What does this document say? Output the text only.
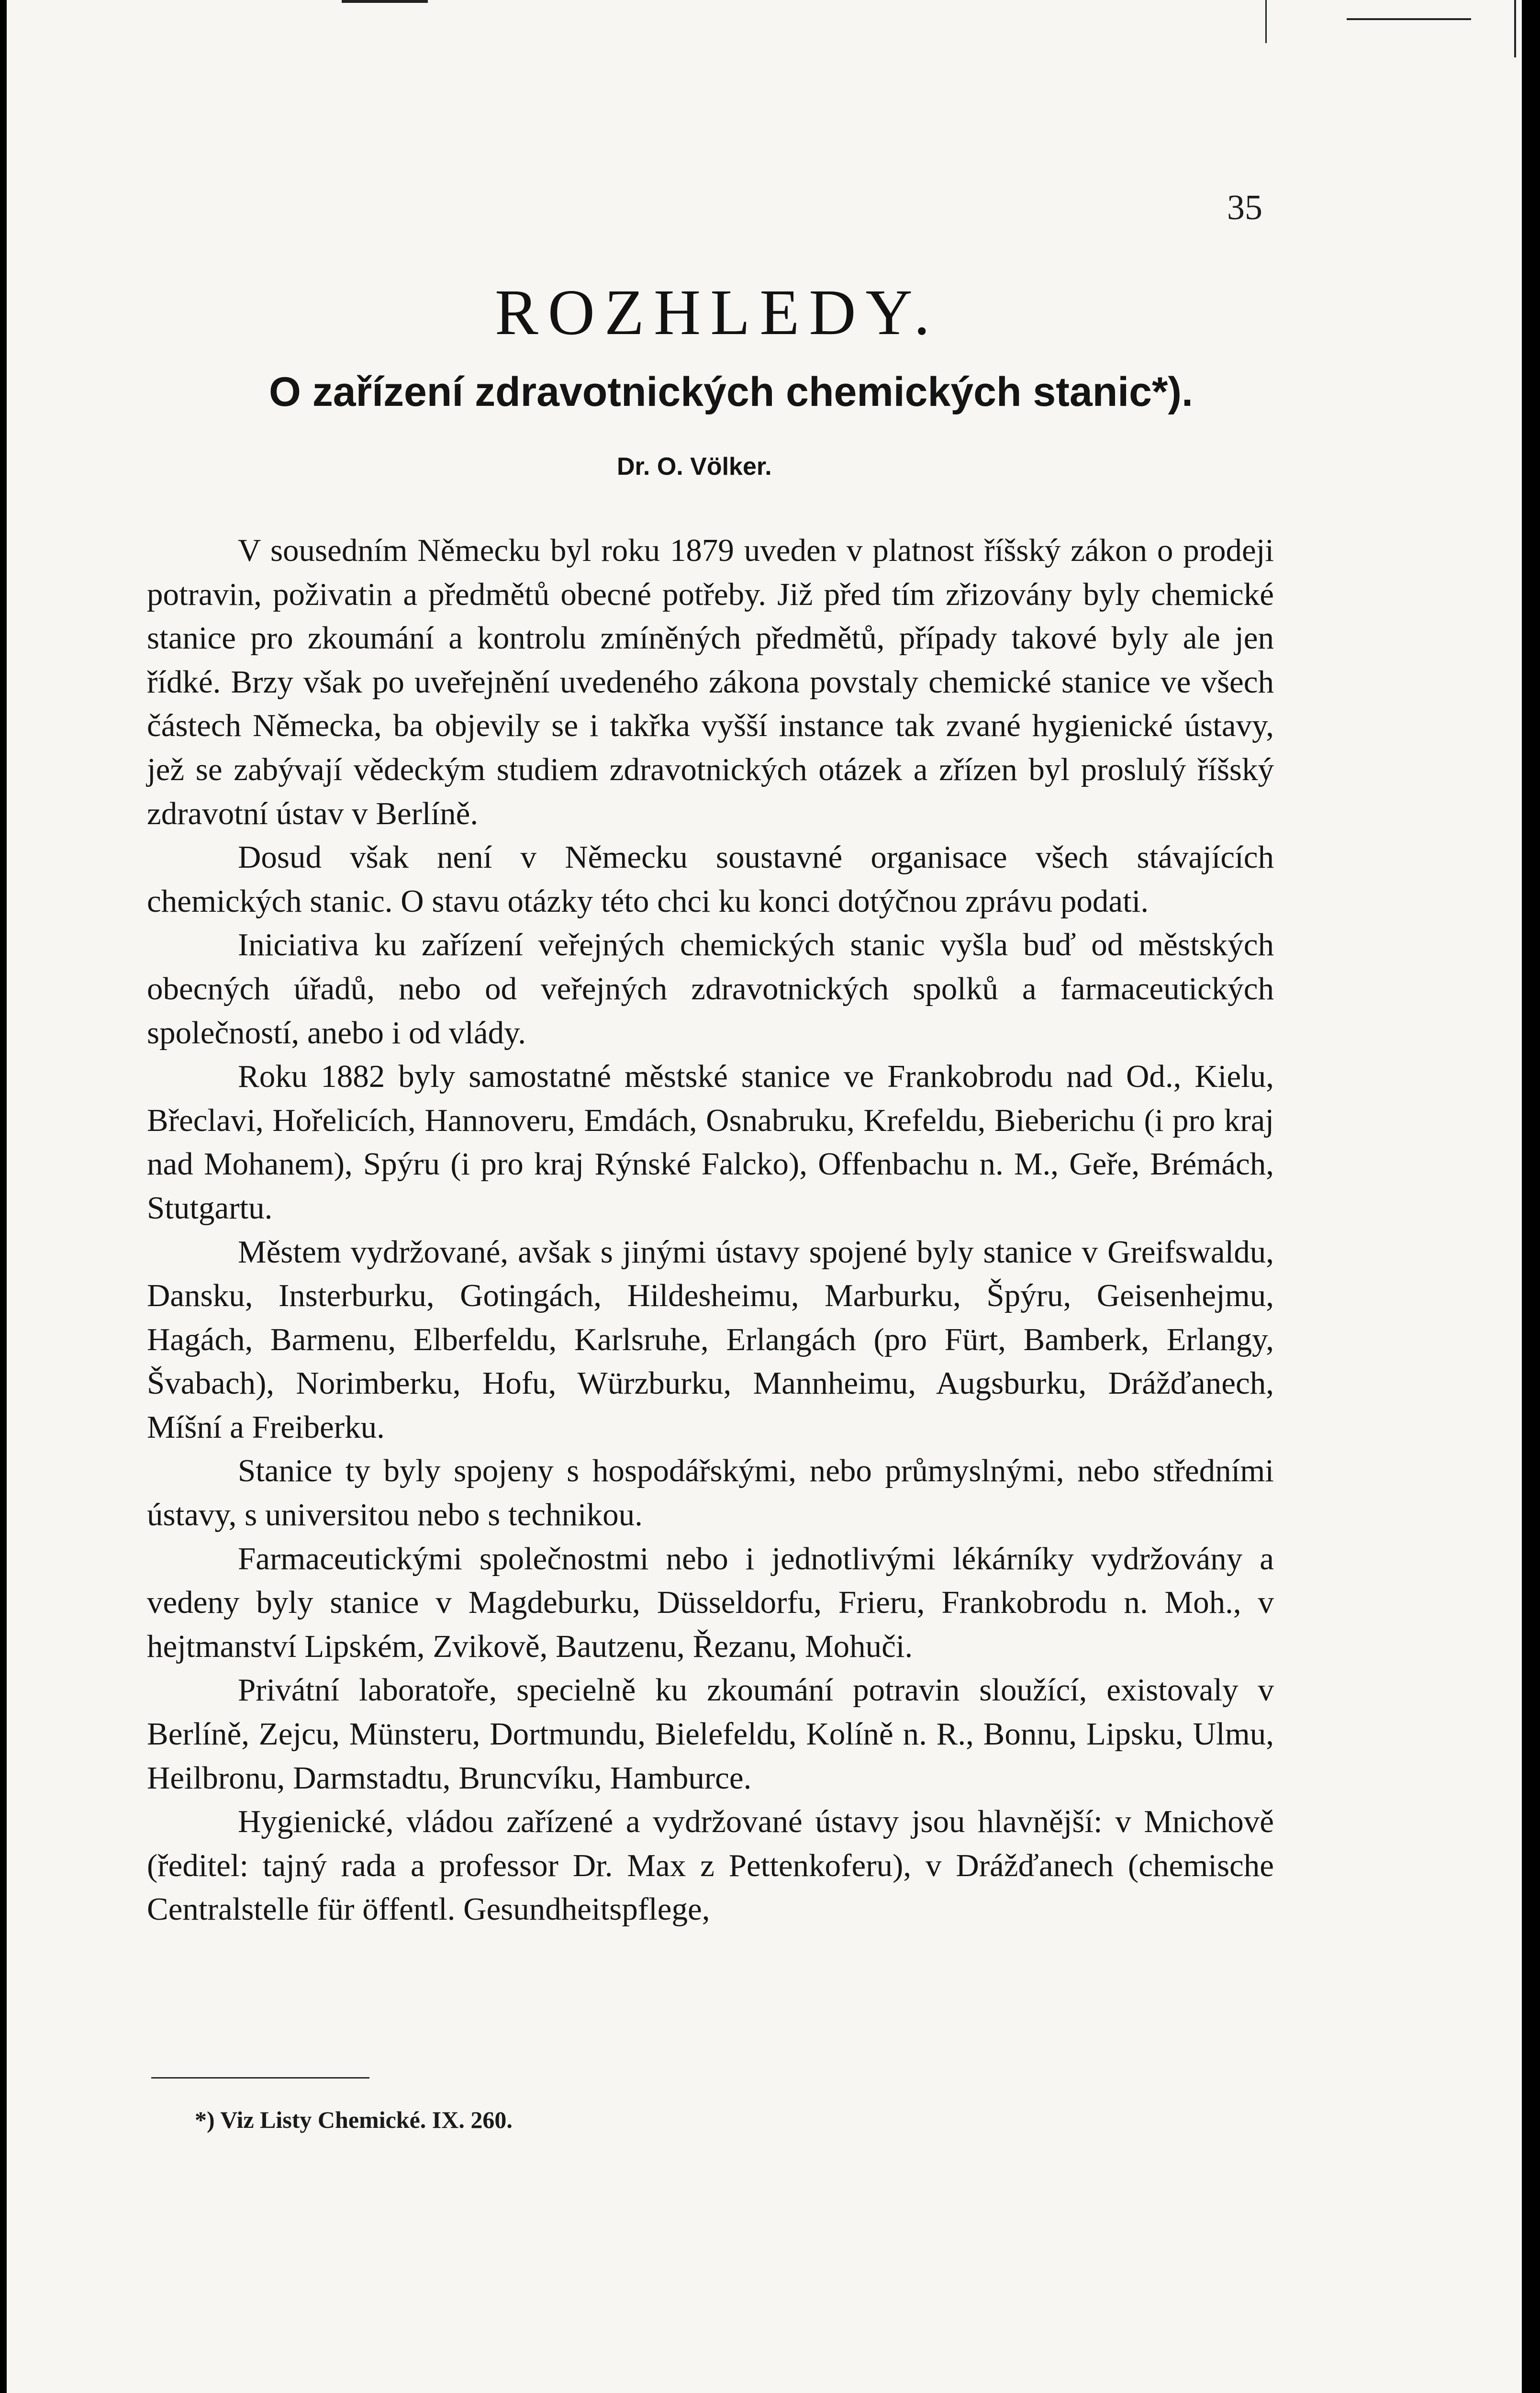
35
ROZHLEDY.
O zařízení zdravotnických chemických stanic*).
Dr. O. Völker.

V sousedním Německu byl roku 1879 uveden v platnost říšský zákon o prodeji potravin, poživatin a předmětů obecné potřeby. Již před tím zřizovány byly chemické stanice pro zkoumání a kontrolu zmíněných předmětů, případy takové byly ale jen řídké. Brzy však po uveřejnění uvedeného zákona povstaly chemické stanice ve všech částech Německa, ba objevily se i takřka vyšší instance tak zvané hygienické ústavy, jež se zabývají vědeckým studiem zdravotnických otázek a zřízen byl proslulý říšský zdravotní ústav v Berlíně.

Dosud však není v Německu soustavné organisace všech stávajících chemických stanic. O stavu otázky této chci ku konci dotýčnou zprávu podati.

Iniciativa ku zařízení veřejných chemických stanic vyšla buď od městských obecných úřadů, nebo od veřejných zdravotnických spolků a farmaceutických společností, anebo i od vlády.

Roku 1882 byly samostatné městské stanice ve Frankobrodu nad Od., Kielu, Břeclavi, Hořelicích, Hannoveru, Emdách, Osnabruku, Krefeldu, Bieberichu (i pro kraj nad Mohanem), Spýru (i pro kraj Rýnské Falcko), Offenbachu n. M., Geře, Brémách, Stutgartu.

Městem vydržované, avšak s jinými ústavy spojené byly stanice v Greifswaldu, Dansku, Insterburku, Gotingách, Hildesheimu, Marburku, Špýru, Geisenhejmu, Hagách, Barmenu, Elberfeldu, Karlsruhe, Erlangách (pro Fürt, Bamberk, Erlangy, Švabach), Norimberku, Hofu, Würzburku, Mannheimu, Augsburku, Drážďanech, Míšní a Freiberku.

Stanice ty byly spojeny s hospodářskými, nebo průmyslnými, nebo středními ústavy, s universitou nebo s technikou.

Farmaceutickými společnostmi nebo i jednotlivými lékárníky vydržovány a vedeny byly stanice v Magdeburku, Düsseldorfu, Frieru, Frankobrodu n. Moh., v hejtmanství Lipském, Zvikově, Bautzenu, Řezanu, Mohuči.

Privátní laboratoře, specielně ku zkoumání potravin sloužící, existovaly v Berlíně, Zejcu, Münsteru, Dortmundu, Bielefeldu, Kolíně n. R., Bonnu, Lipsku, Ulmu, Heilbronu, Darmstadtu, Bruncvíku, Hamburce.

Hygienické, vládou zařízené a vydržované ústavy jsou hlavnější: v Mnichově (ředitel: tajný rada a professor Dr. Max z Pettenkoferu), v Drážďanech (chemische Centralstelle für öffentl. Gesundheitspflege,

*) Viz Listy Chemické. IX. 260.
